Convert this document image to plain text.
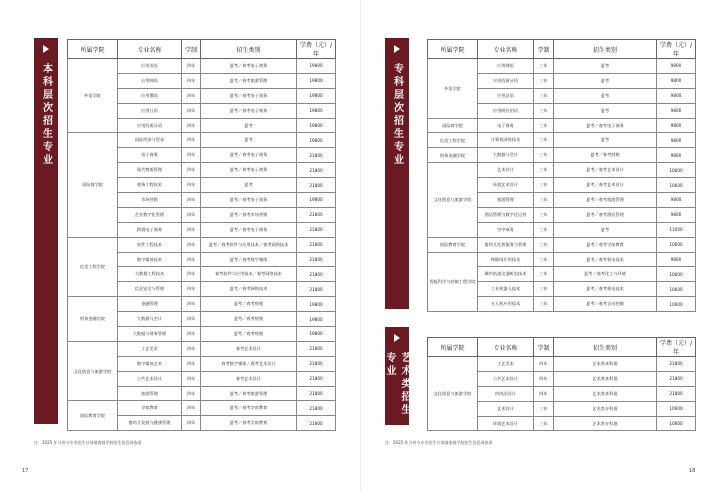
本科层次招生专业
所属学院	专业名称	学制	招生类别	学费（元）/年
外语学院	应用英语	四年	夏考／春考电子商务	19800
	应用韩语	四年	夏考／春考旅游管理	19800
	应用俄语	四年	夏考／春考电子商务	19800
	应用日语	四年	夏考／春考电子商务	19800
	应用西班牙语	四年	夏考	19800
国际商学院	国际经济与贸易	四年	夏考	19800
	电子商务	四年	夏考／春考电子商务	21800
	现代物流管理	四年	夏考／春考电子商务	21800
	商务工程技术	四年	夏考	21800
	市场营销	四年	夏考／春考电子商务	19800
	企业数字化管理	四年	夏考／春考市场营销	21800
	跨境电子商务	四年	夏考／春考电子商务	21800
信息工程学院	软件工程技术	四年	夏考／春考软件与应用技术／春考网络技术	21800
	数字媒体技术	四年	夏考／春考数字媒体	21800
	大数据工程技术	四年	春考软件与应用技术／春考网络技术	21800
	信息安全与管理	四年	夏考／春考网络技术	21800
财务金融学院	金融管理	四年	夏考／春考财税	19800
	大数据与会计	四年	夏考／春考财税	19800
	大数据与财务管理	四年	夏考／春考财税	19800
文化创意与旅游学院	工艺美术	四年	春考艺术设计	21800
	数字媒体艺术	四年	春考数字媒体／春考艺术设计	21800
	公共艺术设计	四年	春考艺术设计	21800
	旅游管理	四年	夏考／春考旅游管理	21800
国际教育学院	学前教育	四年	夏考／春考学前教育	21800
	婴幼儿发展与健康管理	四年	夏考／春考学前教育	21800
注：2025 年分省分专业招生计划请查阅学校招生信息网查看
17
专科层次招生专业
所属学院	专业名称	学制	招生类别	学费（元）/年
外语学院	应用韩语	三年	夏考	9800
	应用西班牙语	三年	夏考	9800
	应用法语	三年	夏考	9800
	应用阿拉伯语	三年	夏考	9800
国际商学院	电子商务	三年	夏考／春考电子商务	9800
信息工程学院	计算机网络技术	三年	夏考	9800
财务金融学院	大数据与会计	三年	夏考／春考财税	9800
文化创意与旅游学院	艺术设计	三年	夏考／春考艺术设计	10600
	环境艺术设计	三年	夏考／春考艺术设计	10600
	旅游管理	三年	夏考／春考旅游管理	9800
	酒店管理与数字化运营	三年	夏考／春考酒店管理	9800
	空中乘务	三年	夏考	11000
国际教育学院	婴幼儿托育服务与管理	三年	夏考／春考学前教育	10600
智能科学与控制工程学院	物联网应用技术	三年	夏考／春考机电技术	9800
	城市轨道交通机电技术	三年	夏考／春考化工与环境	10600
	工业机器人技术	三年	夏考／春考机电技术	10600
	无人机应用技术	三年	夏考／春考自动控制	10600
艺术类招生专业
所属学院	专业名称	学制	招生类别	学费（元）/年
文化创意与旅游学院	工艺美术	四年	艺术类本科批	21800
	公共艺术设计	四年	艺术类本科批	21800
	时尚品设计	四年	艺术类本科批	21800
	艺术设计	三年	艺术类专科批	10600
	环境艺术设计	三年	艺术类专科批	10600
注：2025 年分省分专业招生计划请查阅学校招生信息网查看
18
